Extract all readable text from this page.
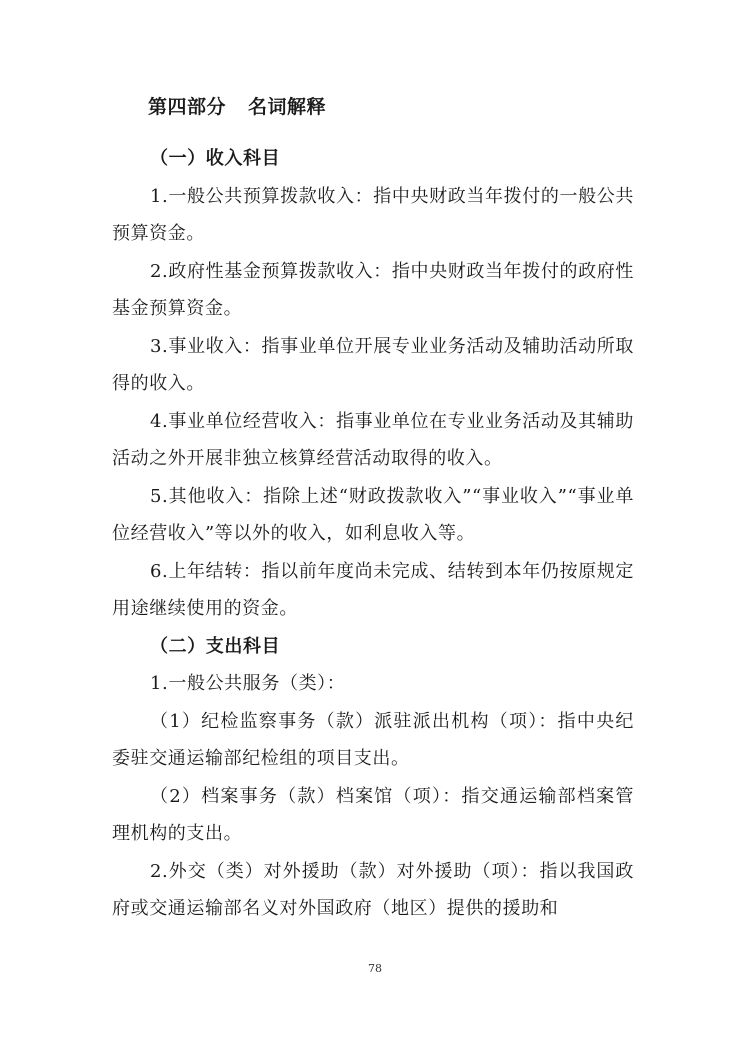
第四部分 名词解释

（一）收入科目

1.一般公共预算拨款收入：指中央财政当年拨付的一般公共预算资金。

2.政府性基金预算拨款收入：指中央财政当年拨付的政府性基金预算资金。

3.事业收入：指事业单位开展专业业务活动及辅助活动所取得的收入。

4.事业单位经营收入：指事业单位在专业业务活动及其辅助活动之外开展非独立核算经营活动取得的收入。

5.其他收入：指除上述“财政拨款收入”“事业收入”“事业单位经营收入”等以外的收入，如利息收入等。

6.上年结转：指以前年度尚未完成、结转到本年仍按原规定用途继续使用的资金。

（二）支出科目

1.一般公共服务（类）：

（1）纪检监察事务（款）派驻派出机构（项）：指中央纪委驻交通运输部纪检组的项目支出。

（2）档案事务（款）档案馆（项）：指交通运输部档案管理机构的支出。

2.外交（类）对外援助（款）对外援助（项）：指以我国政府或交通运输部名义对外国政府（地区）提供的援助和

78
